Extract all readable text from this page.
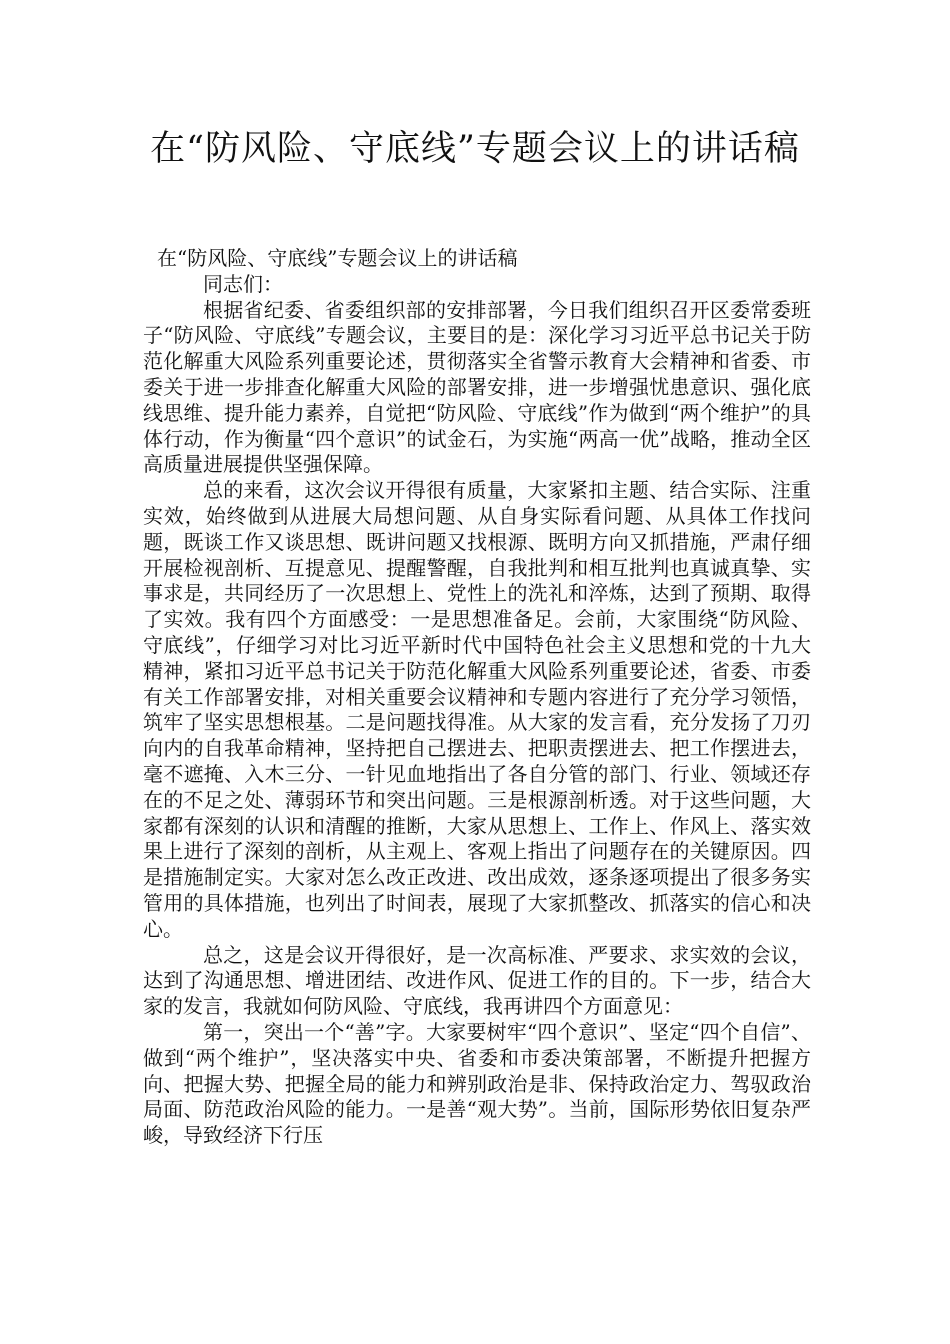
在“防风险、守底线”专题会议上的讲话稿

在“防风险、守底线”专题会议上的讲话稿

同志们：

根据省纪委、省委组织部的安排部署，今日我们组织召开区委常委班子“防风险、守底线”专题会议，主要目的是：深化学习习近平总书记关于防范化解重大风险系列重要论述，贯彻落实全省警示教育大会精神和省委、市委关于进一步排查化解重大风险的部署安排，进一步增强忧患意识、强化底线思维、提升能力素养，自觉把“防风险、守底线”作为做到“两个维护”的具体行动，作为衡量“四个意识”的试金石，为实施“两高一优”战略，推动全区高质量进展提供坚强保障。

总的来看，这次会议开得很有质量，大家紧扣主题、结合实际、注重实效，始终做到从进展大局想问题、从自身实际看问题、从具体工作找问题，既谈工作又谈思想、既讲问题又找根源、既明方向又抓措施，严肃仔细开展检视剖析、互提意见、提醒警醒，自我批判和相互批判也真诚真挚、实事求是，共同经历了一次思想上、党性上的洗礼和淬炼，达到了预期、取得了实效。我有四个方面感受：一是思想准备足。会前，大家围绕“防风险、守底线”，仔细学习对比习近平新时代中国特色社会主义思想和党的十九大精神，紧扣习近平总书记关于防范化解重大风险系列重要论述，省委、市委有关工作部署安排，对相关重要会议精神和专题内容进行了充分学习领悟，筑牢了坚实思想根基。二是问题找得准。从大家的发言看，充分发扬了刀刃向内的自我革命精神，坚持把自己摆进去、把职责摆进去、把工作摆进去，毫不遮掩、入木三分、一针见血地指出了各自分管的部门、行业、领域还存在的不足之处、薄弱环节和突出问题。三是根源剖析透。对于这些问题，大家都有深刻的认识和清醒的推断，大家从思想上、工作上、作风上、落实效果上进行了深刻的剖析，从主观上、客观上指出了问题存在的关键原因。四是措施制定实。大家对怎么改正改进、改出成效，逐条逐项提出了很多务实管用的具体措施，也列出了时间表，展现了大家抓整改、抓落实的信心和决心。

总之，这是会议开得很好，是一次高标准、严要求、求实效的会议，达到了沟通思想、增进团结、改进作风、促进工作的目的。下一步，结合大家的发言，我就如何防风险、守底线，我再讲四个方面意见：

第一，突出一个“善”字。大家要树牢“四个意识”、坚定“四个自信”、做到“两个维护”，坚决落实中央、省委和市委决策部署，不断提升把握方向、把握大势、把握全局的能力和辨别政治是非、保持政治定力、驾驭政治局面、防范政治风险的能力。一是善“观大势”。当前，国际形势依旧复杂严峻，导致经济下行压
